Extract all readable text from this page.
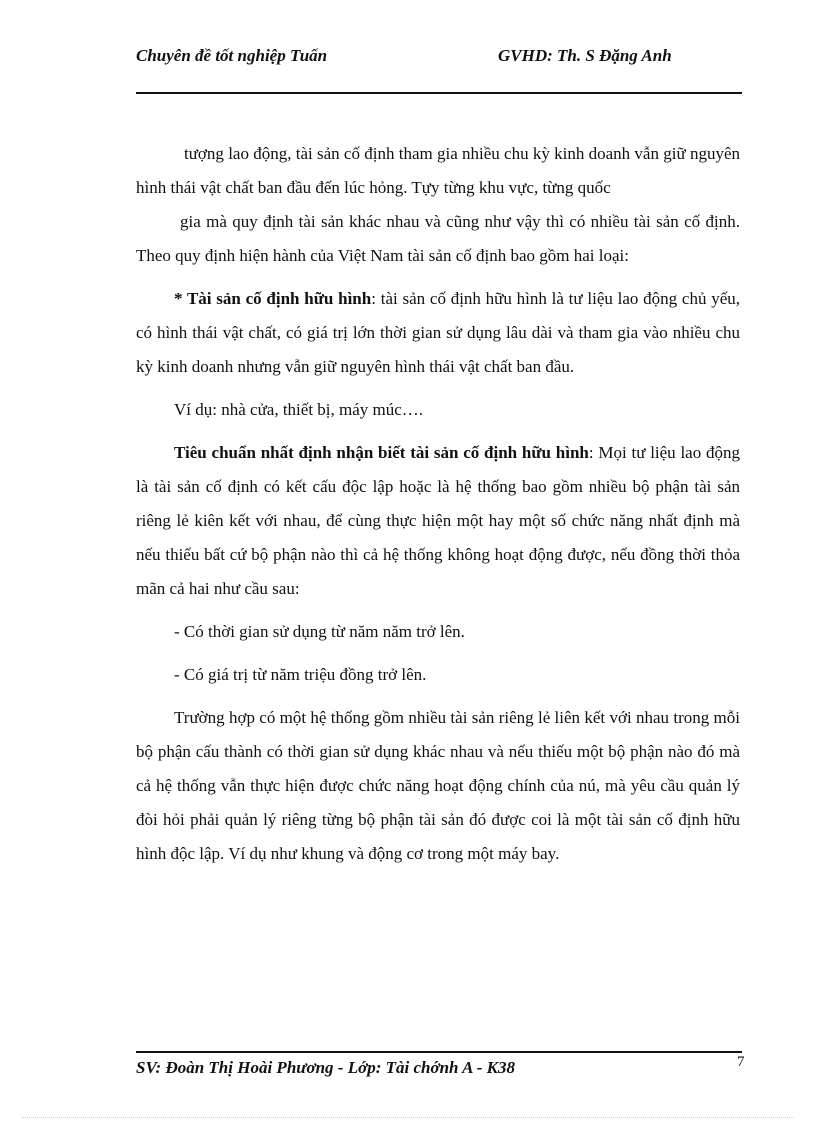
Chuyên đề tốt nghiệp Tuấn	GVHD: Th. S Đặng Anh

tượng lao động, tài sản cố định tham gia nhiều chu kỳ kinh doanh vẫn giữ nguyên hình thái vật chất ban đầu đến lúc hỏng. Tựy từng khu vực, từng quốc

gia mà quy định tài sản khác nhau và cũng như vậy thì có nhiều tài sản cố định. Theo quy định hiện hành của Việt Nam tài sản cố định bao gồm hai loại:

* Tài sản cố định hữu hình: tài sản cố định hữu hình là tư liệu lao động chủ yếu, có hình thái vật chất, có giá trị lớn thời gian sử dụng lâu dài và tham gia vào nhiều chu kỳ kinh doanh nhưng vẫn giữ nguyên hình thái vật chất ban đầu.

Ví dụ: nhà cửa, thiết bị, máy múc….

Tiêu chuẩn nhất định nhận biết tài sản cố định hữu hình: Mọi tư liệu lao động là tài sản cố định có kết cấu độc lập hoặc là hệ thống bao gồm nhiều bộ phận tài sản riêng lẻ kiên kết với nhau, để cùng thực hiện một hay một số chức năng nhất định mà nếu thiếu bất cứ bộ phận nào thì cả hệ thống không hoạt động được, nếu đồng thời thỏa mãn cả hai như cầu sau:

- Có thời gian sử dụng từ năm năm trở lên.

- Có giá trị từ năm triệu đồng trở lên.

Trường hợp có một hệ thống gồm nhiều tài sản riêng lẻ liên kết với nhau trong mỗi bộ phận cấu thành có thời gian sử dụng khác nhau và nếu thiếu một bộ phận nào đó mà cả hệ thống vẫn thực hiện được chức năng hoạt động chính của nú, mà yêu cầu quản lý đòi hỏi phải quản lý riêng từng bộ phận tài sản đó được coi là một tài sản cố định hữu hình độc lập. Ví dụ như khung và động cơ trong một máy bay.

SV: Đoàn Thị Hoài Phương - Lớp: Tài chớnh A - K38	7
